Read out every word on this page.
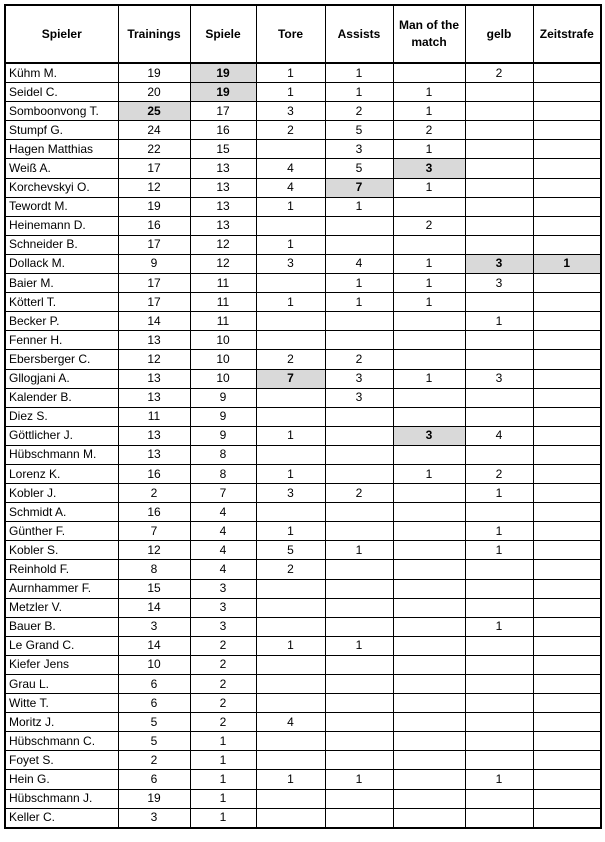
Spieler	Trainings	Spiele	Tore	Assists	Man of the match	gelb	Zeitstrafe
Kühm M.	19	19	1	1		2	
Seidel C.	20	19	1	1	1		
Somboonvong T.	25	17	3	2	1		
Stumpf G.	24	16	2	5	2		
Hagen Matthias	22	15		3	1		
Weiß A.	17	13	4	5	3		
Korchevskyi O.	12	13	4	7	1		
Tewordt M.	19	13	1	1			
Heinemann D.	16	13			2		
Schneider B.	17	12	1				
Dollack M.	9	12	3	4	1	3	1
Baier M.	17	11		1	1	3	
Kötterl T.	17	11	1	1	1		
Becker P.	14	11				1	
Fenner H.	13	10					
Ebersberger C.	12	10	2	2			
Gllogjani A.	13	10	7	3	1	3	
Kalender B.	13	9		3			
Diez S.	11	9					
Göttlicher J.	13	9	1		3	4	
Hübschmann M.	13	8					
Lorenz K.	16	8	1		1	2	
Kobler J.	2	7	3	2		1	
Schmidt A.	16	4					
Günther F.	7	4	1			1	
Kobler S.	12	4	5	1		1	
Reinhold F.	8	4	2				
Aurnhammer F.	15	3					
Metzler V.	14	3					
Bauer B.	3	3				1	
Le Grand C.	14	2	1	1			
Kiefer Jens	10	2					
Grau L.	6	2					
Witte T.	6	2					
Moritz J.	5	2	4				
Hübschmann C.	5	1					
Foyet S.	2	1					
Hein G.	6	1	1	1		1	
Hübschmann J.	19	1					
Keller C.	3	1					
